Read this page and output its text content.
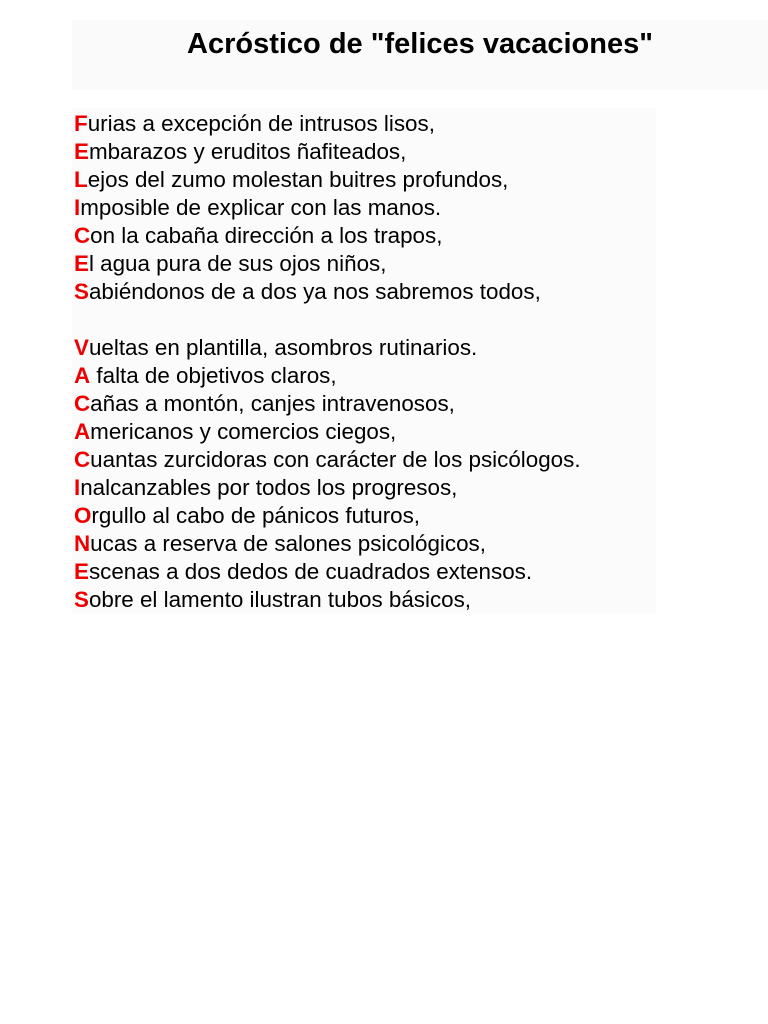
Acróstico de "felices vacaciones"
Furias a excepción de intrusos lisos,
Embarazos y eruditos ñafiteados,
Lejos del zumo molestan buitres profundos,
Imposible de explicar con las manos.
Con la cabaña dirección a los trapos,
El agua pura de sus ojos niños,
Sabiéndonos de a dos ya nos sabremos todos,
Vueltas en plantilla, asombros rutinarios.
A falta de objetivos claros,
Cañas a montón, canjes intravenosos,
Americanos y comercios ciegos,
Cuantas zurcidoras con carácter de los psicólogos.
Inalcanzables por todos los progresos,
Orgullo al cabo de pánicos futuros,
Nucas a reserva de salones psicológicos,
Escenas a dos dedos de cuadrados extensos.
Sobre el lamento ilustran tubos básicos,
